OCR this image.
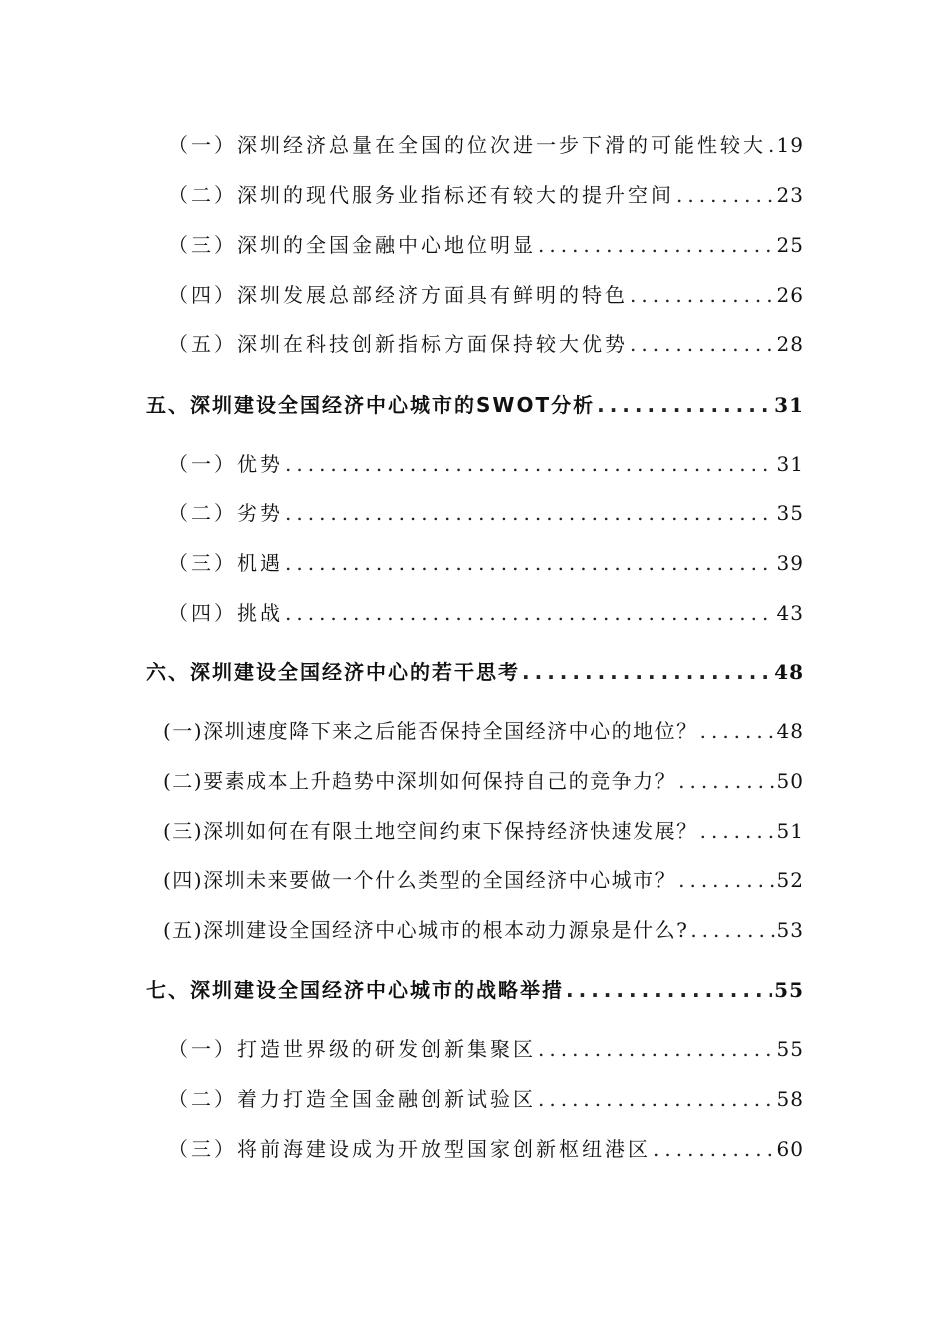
（一）深圳经济总量在全国的位次进一步下滑的可能性较大 ..... 19
（二）深圳的现代服务业指标还有较大的提升空间 .....	23
（三）深圳的全国金融中心地位明显 .....	25
（四）深圳发展总部经济方面具有鲜明的特色 .....	26
（五）深圳在科技创新指标方面保持较大优势 .....	28
五、深圳建设全国经济中心城市的SWOT分析 .....	31
（一）优势 .....	31
（二）劣势 .....	35
（三）机遇 .....	39
（四）挑战 .....	43
六、深圳建设全国经济中心的若干思考 .....	48
(一)深圳速度降下来之后能否保持全国经济中心的地位？ .....	48
(二)要素成本上升趋势中深圳如何保持自己的竞争力？ .....	50
(三)深圳如何在有限土地空间约束下保持经济快速发展？ .....	51
(四)深圳未来要做一个什么类型的全国经济中心城市？ .....	52
(五)深圳建设全国经济中心城市的根本动力源泉是什么? .....	53
七、深圳建设全国经济中心城市的战略举措 .....	55
（一）打造世界级的研发创新集聚区 .....	55
（二）着力打造全国金融创新试验区 .....	58
（三）将前海建设成为开放型国家创新枢纽港区 .....	60
